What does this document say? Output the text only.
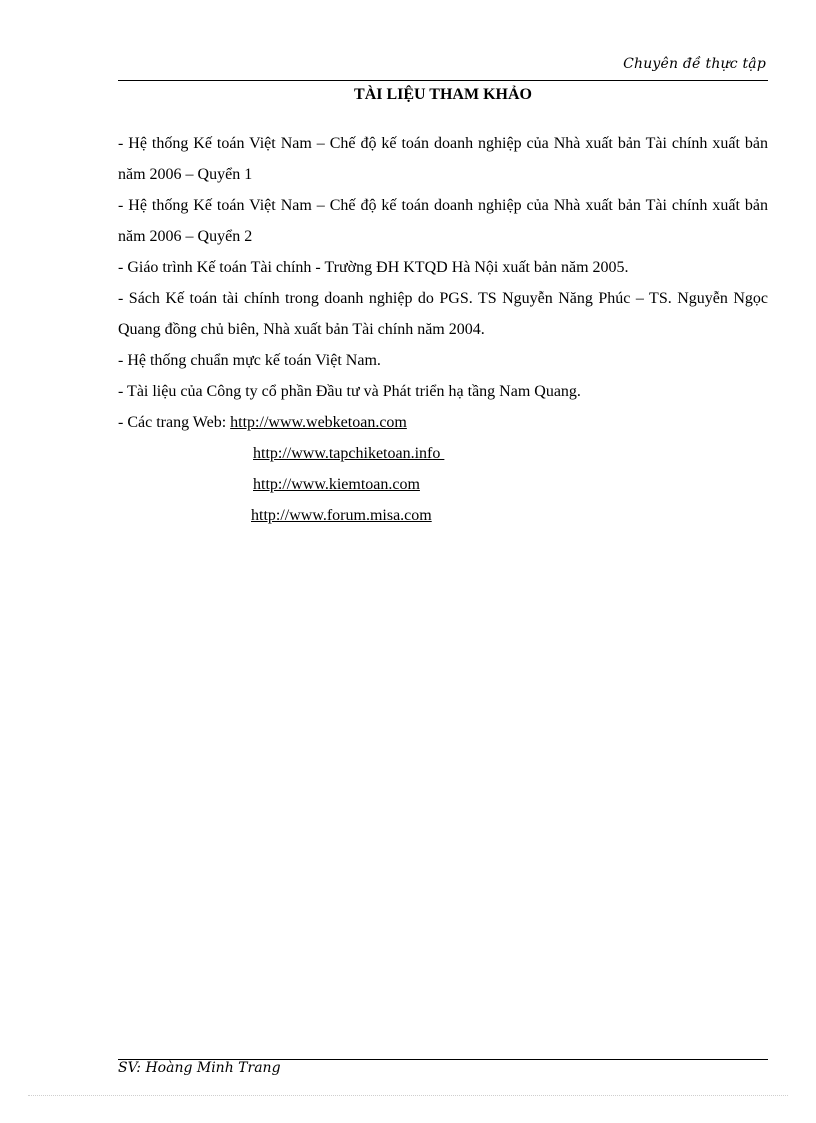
Chuyên đề thực tập
TÀI LIỆU THAM KHẢO

- Hệ thống Kế toán Việt Nam – Chế độ kế toán doanh nghiệp của Nhà xuất bản Tài chính xuất bản năm 2006 – Quyển 1

- Hệ thống Kế toán Việt Nam – Chế độ kế toán doanh nghiệp của Nhà xuất bản Tài chính xuất bản năm 2006 – Quyển 2

- Giáo trình Kế toán Tài chính - Trường ĐH KTQD Hà Nội xuất bản năm 2005.

- Sách Kế toán tài chính trong doanh nghiệp do PGS. TS Nguyễn Năng Phúc – TS. Nguyễn Ngọc Quang đồng chủ biên, Nhà xuất bản Tài chính năm 2004.

- Hệ thống chuẩn mực kế toán Việt Nam.

- Tài liệu của Công ty cổ phần Đầu tư và Phát triển hạ tầng Nam Quang.

- Các trang Web: http://www.webketoan.com

http://www.tapchiketoan.info

http://www.kiemtoan.com

http://www.forum.misa.com

SV: Hoàng Minh Trang
